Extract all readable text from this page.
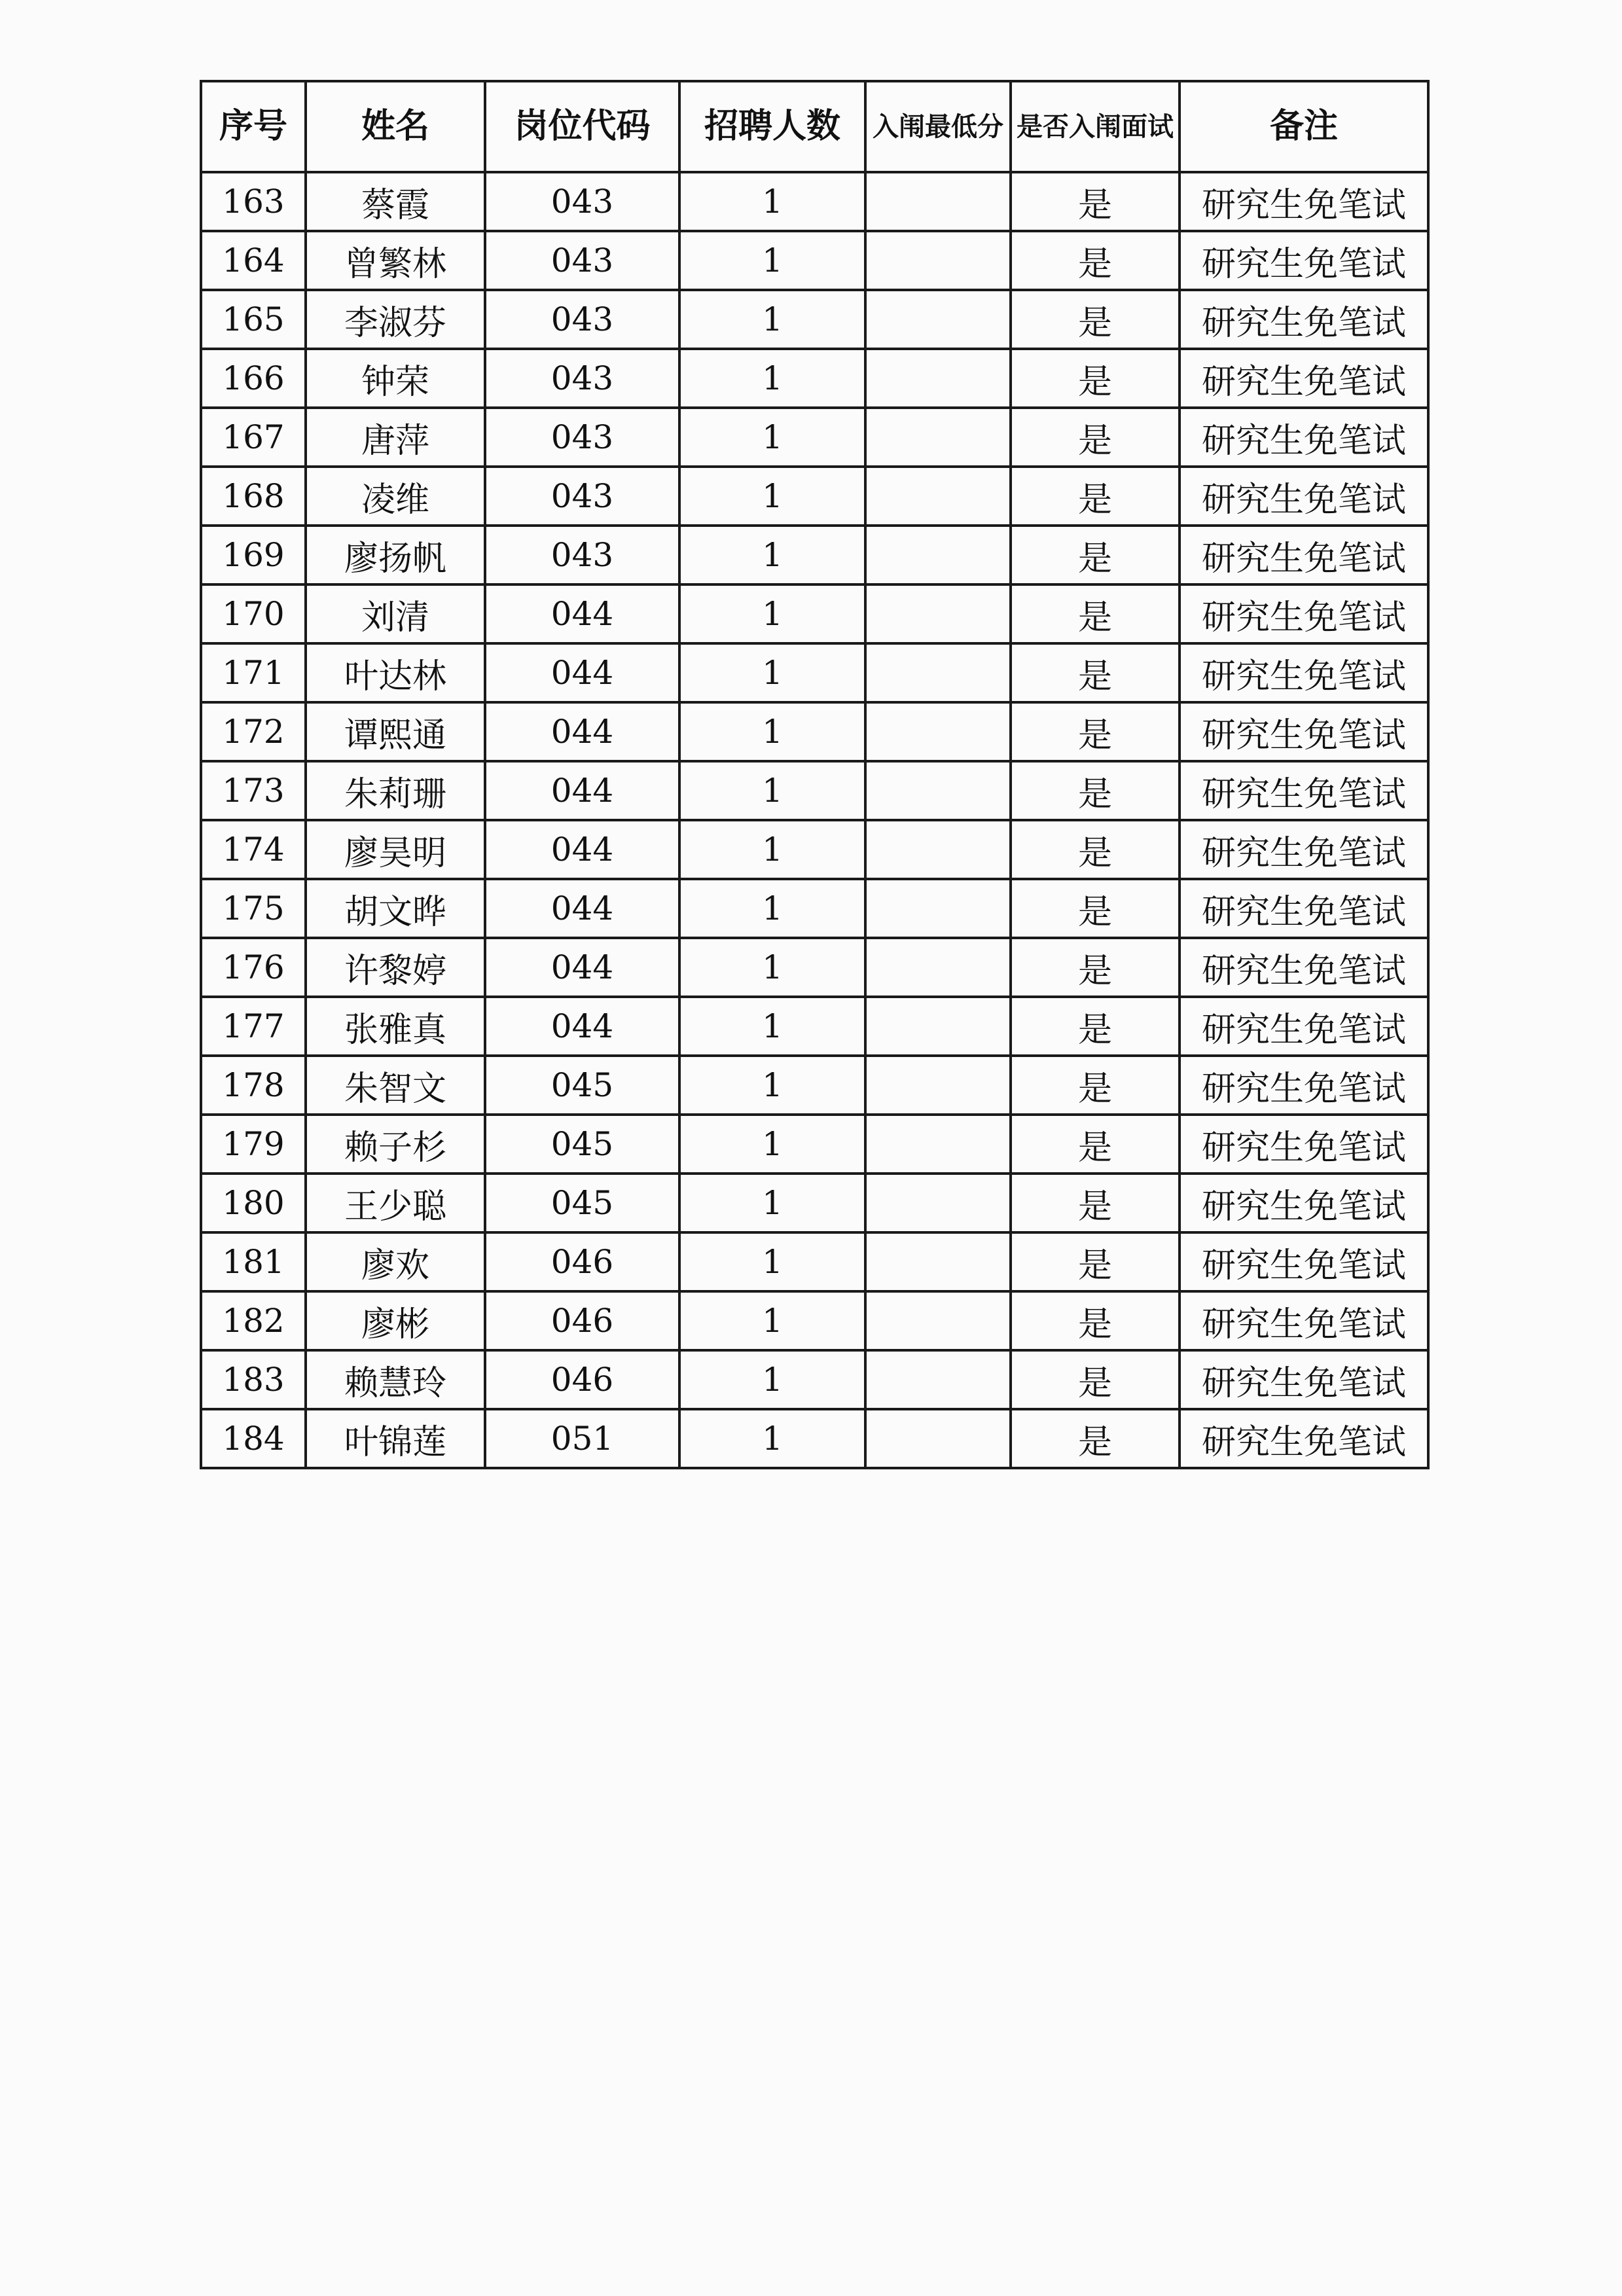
序号	姓名	岗位代码	招聘人数	入闱最低分	是否入闱面试	备注
163	蔡霞	043	1		是	研究生免笔试
164	曾繁林	043	1		是	研究生免笔试
165	李淑芬	043	1		是	研究生免笔试
166	钟荣	043	1		是	研究生免笔试
167	唐萍	043	1		是	研究生免笔试
168	凌维	043	1		是	研究生免笔试
169	廖扬帆	043	1		是	研究生免笔试
170	刘清	044	1		是	研究生免笔试
171	叶达林	044	1		是	研究生免笔试
172	谭熙通	044	1		是	研究生免笔试
173	朱莉珊	044	1		是	研究生免笔试
174	廖昊明	044	1		是	研究生免笔试
175	胡文晔	044	1		是	研究生免笔试
176	许黎婷	044	1		是	研究生免笔试
177	张雅真	044	1		是	研究生免笔试
178	朱智文	045	1		是	研究生免笔试
179	赖子杉	045	1		是	研究生免笔试
180	王少聪	045	1		是	研究生免笔试
181	廖欢	046	1		是	研究生免笔试
182	廖彬	046	1		是	研究生免笔试
183	赖慧玲	046	1		是	研究生免笔试
184	叶锦莲	051	1		是	研究生免笔试
